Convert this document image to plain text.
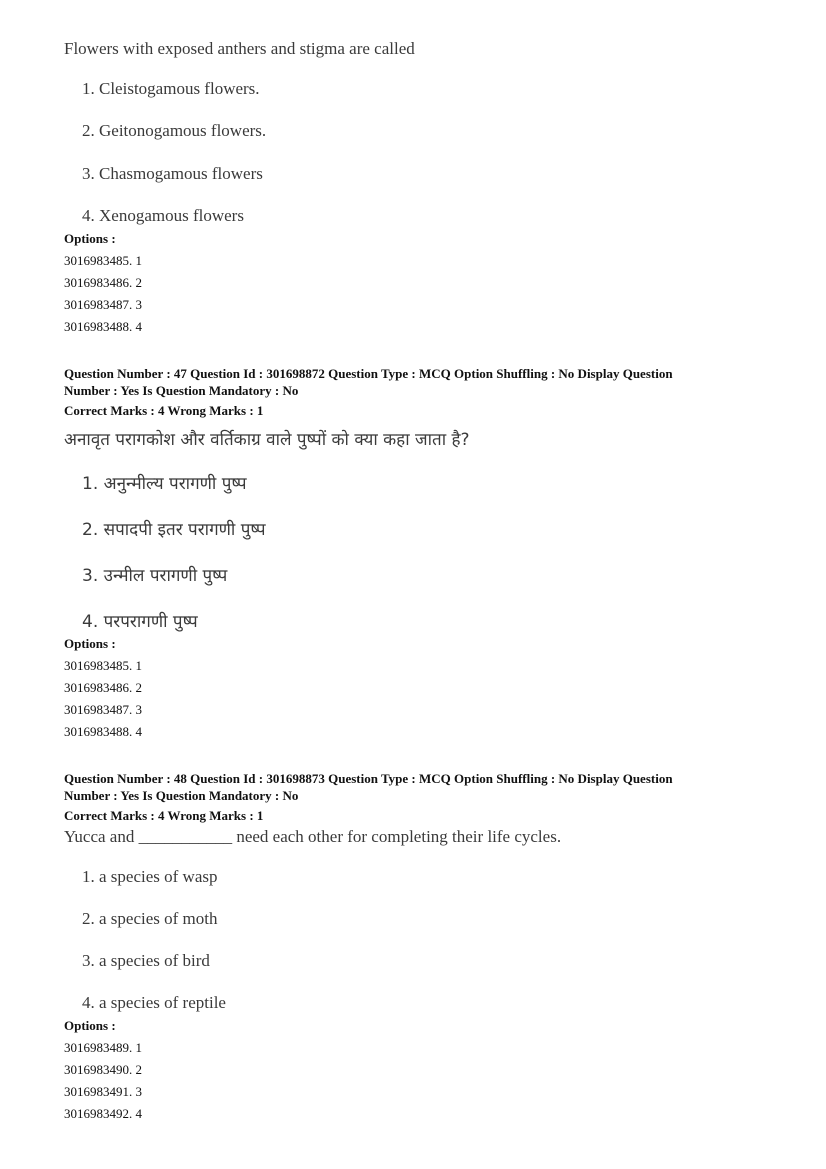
Flowers with exposed anthers and stigma are called
1. Cleistogamous flowers.
2. Geitonogamous flowers.
3. Chasmogamous flowers
4. Xenogamous flowers
Options :
3016983485. 1
3016983486. 2
3016983487. 3
3016983488. 4
Question Number : 47 Question Id : 301698872 Question Type : MCQ Option Shuffling : No Display Question
Number : Yes Is Question Mandatory : No
Correct Marks : 4 Wrong Marks : 1
अनावृत परागकोश और वर्तिकाग्र वाले पुष्पों को क्या कहा जाता है?
1. अनुन्मील्य परागणी पुष्प
2. सपादपी इतर परागणी पुष्प
3. उन्मील परागणी पुष्प
4. परपरागणी पुष्प
Options :
3016983485. 1
3016983486. 2
3016983487. 3
3016983488. 4
Question Number : 48 Question Id : 301698873 Question Type : MCQ Option Shuffling : No Display Question
Number : Yes Is Question Mandatory : No
Correct Marks : 4 Wrong Marks : 1
Yucca and ___________ need each other for completing their life cycles.
1. a species of wasp
2. a species of moth
3. a species of bird
4. a species of reptile
Options :
3016983489. 1
3016983490. 2
3016983491. 3
3016983492. 4
